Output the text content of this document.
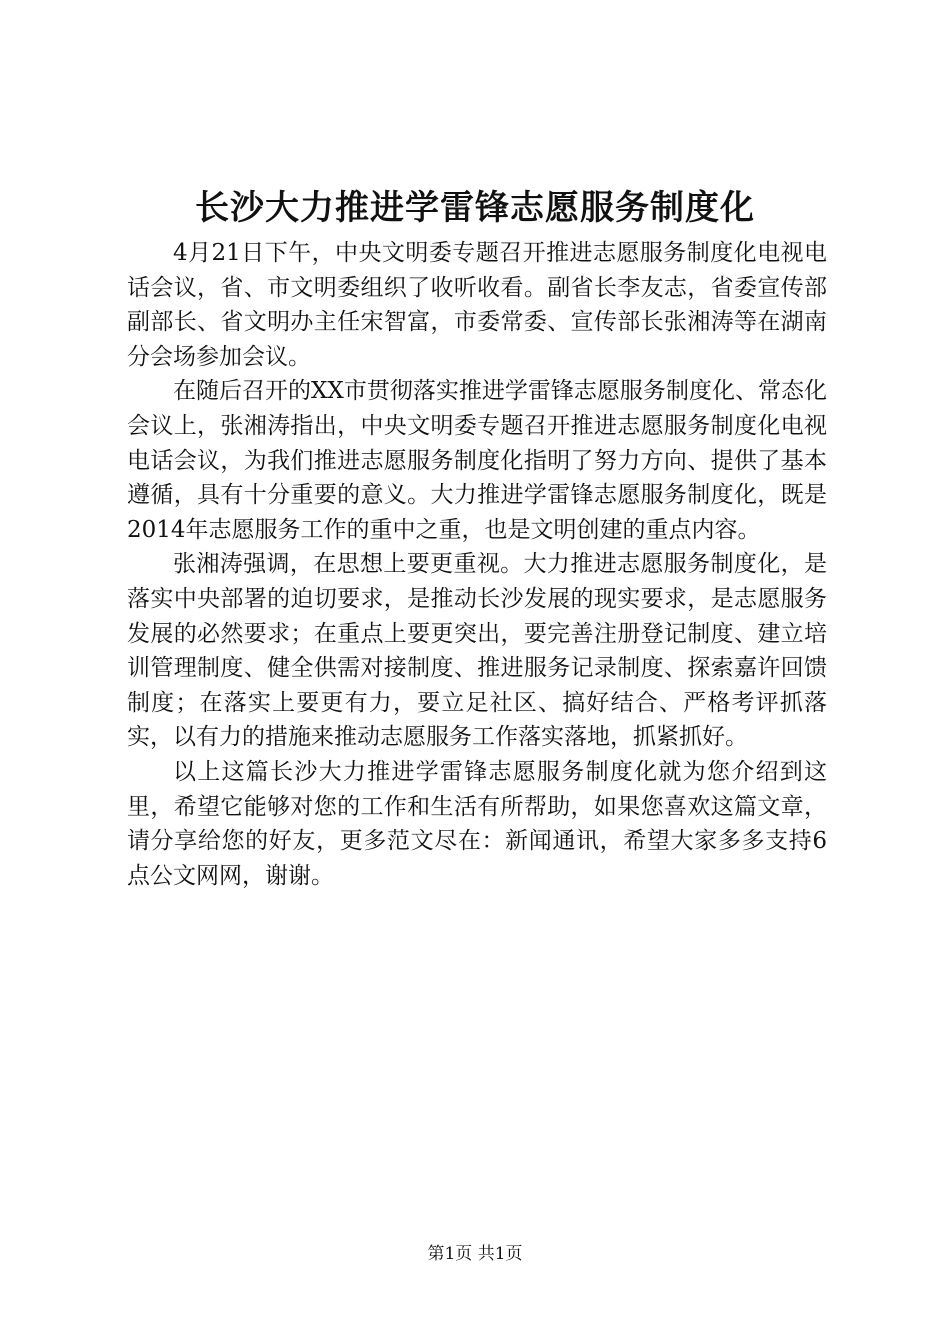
长沙大力推进学雷锋志愿服务制度化

4月21日下午，中央文明委专题召开推进志愿服务制度化电视电话会议，省、市文明委组织了收听收看。副省长李友志，省委宣传部副部长、省文明办主任宋智富，市委常委、宣传部长张湘涛等在湖南分会场参加会议。

在随后召开的XX市贯彻落实推进学雷锋志愿服务制度化、常态化会议上，张湘涛指出，中央文明委专题召开推进志愿服务制度化电视电话会议，为我们推进志愿服务制度化指明了努力方向、提供了基本遵循，具有十分重要的意义。大力推进学雷锋志愿服务制度化，既是2014年志愿服务工作的重中之重，也是文明创建的重点内容。

张湘涛强调，在思想上要更重视。大力推进志愿服务制度化，是落实中央部署的迫切要求，是推动长沙发展的现实要求，是志愿服务发展的必然要求；在重点上要更突出，要完善注册登记制度、建立培训管理制度、健全供需对接制度、推进服务记录制度、探索嘉许回馈制度；在落实上要更有力，要立足社区、搞好结合、严格考评抓落实，以有力的措施来推动志愿服务工作落实落地，抓紧抓好。

以上这篇长沙大力推进学雷锋志愿服务制度化就为您介绍到这里，希望它能够对您的工作和生活有所帮助，如果您喜欢这篇文章，请分享给您的好友，更多范文尽在：新闻通讯，希望大家多多支持6点公文网网，谢谢。

第1页 共1页
